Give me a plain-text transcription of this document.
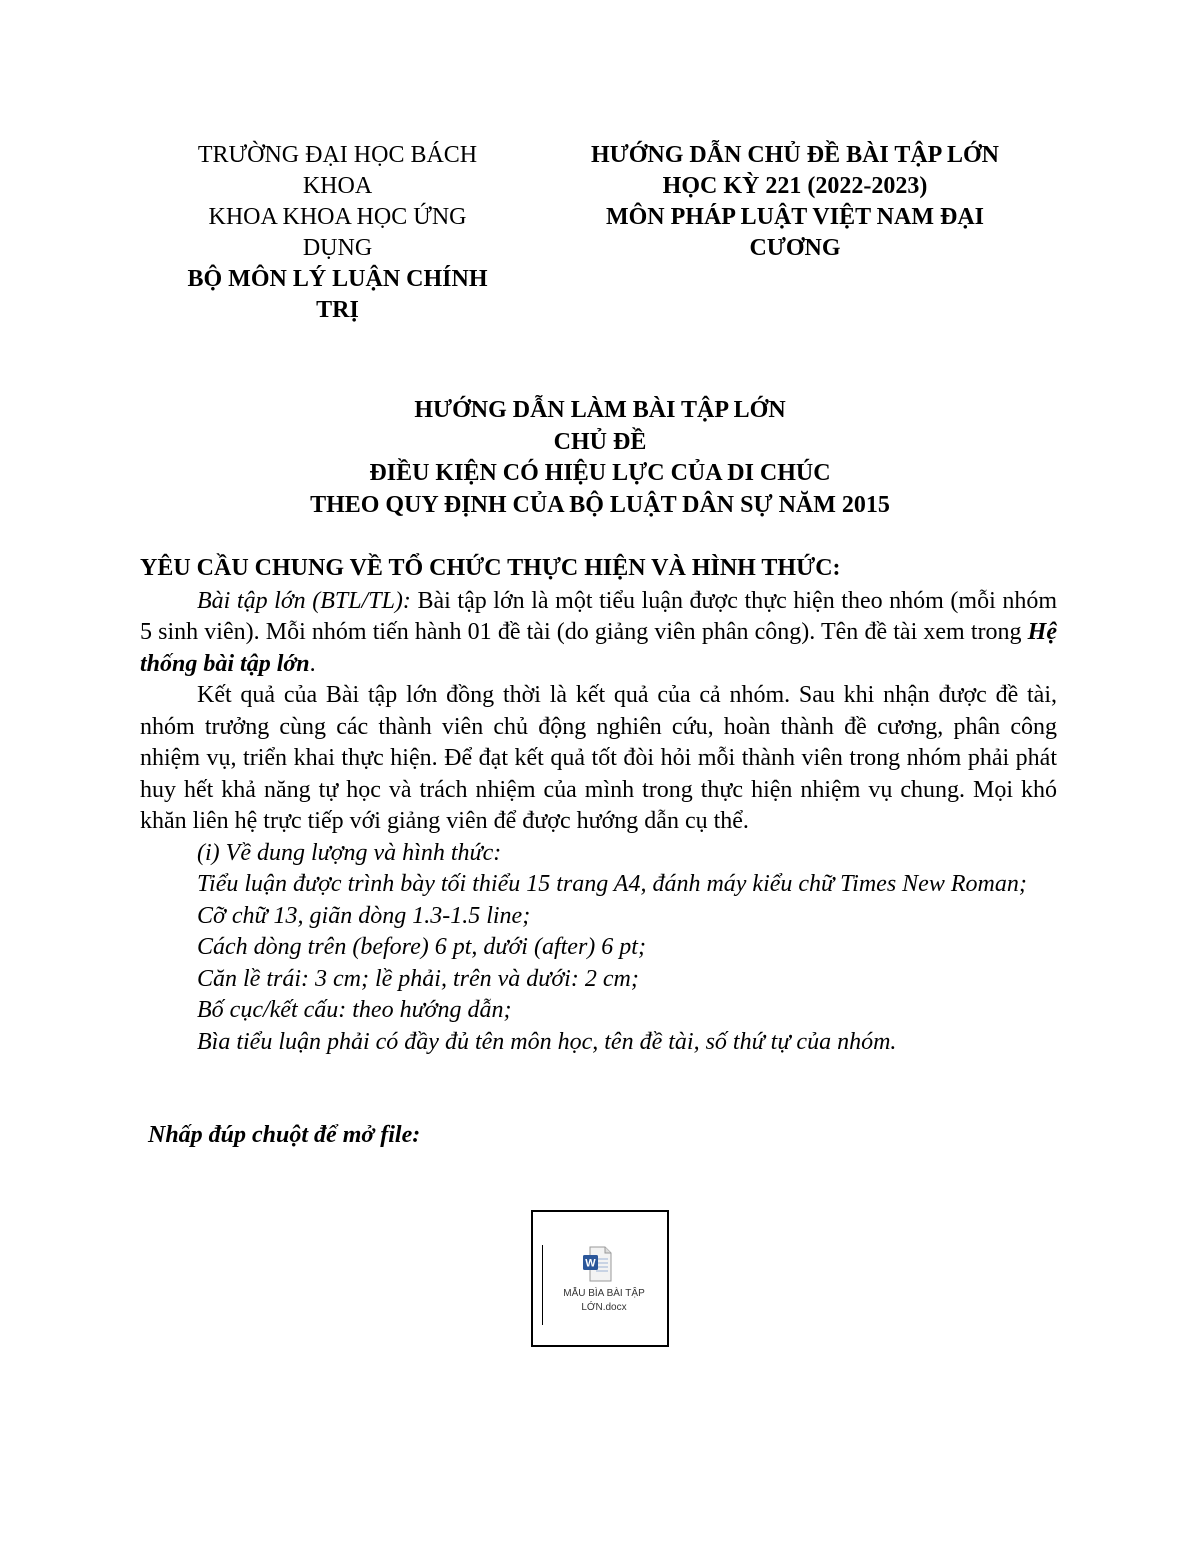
TRƯỜNG ĐẠI HỌC BÁCH
KHOA
KHOA KHOA HỌC ỨNG
DỤNG
BỘ MÔN LÝ LUẬN CHÍNH
TRỊ
HƯỚNG DẪN CHỦ ĐỀ BÀI TẬP LỚN
HỌC KỲ 221 (2022-2023)
MÔN PHÁP LUẬT VIỆT NAM ĐẠI
CƯƠNG
HƯỚNG DẪN LÀM BÀI TẬP LỚN
CHỦ ĐỀ
ĐIỀU KIỆN CÓ HIỆU LỰC CỦA DI CHÚC
THEO QUY ĐỊNH CỦA BỘ LUẬT DÂN SỰ NĂM 2015
YÊU CẦU CHUNG VỀ TỔ CHỨC THỰC HIỆN VÀ HÌNH THỨC:

Bài tập lớn (BTL/TL): Bài tập lớn là một tiểu luận được thực hiện theo nhóm (mỗi nhóm 5 sinh viên). Mỗi nhóm tiến hành 01 đề tài (do giảng viên phân công). Tên đề tài xem trong Hệ thống bài tập lớn.

Kết quả của Bài tập lớn đồng thời là kết quả của cả nhóm. Sau khi nhận được đề tài, nhóm trưởng cùng các thành viên chủ động nghiên cứu, hoàn thành đề cương, phân công nhiệm vụ, triển khai thực hiện. Để đạt kết quả tốt đòi hỏi mỗi thành viên trong nhóm phải phát huy hết khả năng tự học và trách nhiệm của mình trong thực hiện nhiệm vụ chung. Mọi khó khăn liên hệ trực tiếp với giảng viên để được hướng dẫn cụ thể.

(i) Về dung lượng và hình thức:

Tiểu luận được trình bày tối thiểu 15 trang A4, đánh máy kiểu chữ Times New Roman;

Cỡ chữ 13, giãn dòng 1.3-1.5 line;

Cách dòng trên (before) 6 pt, dưới (after) 6 pt;

Căn lề trái: 3 cm; lề phải, trên và dưới: 2 cm;

Bố cục/kết cấu: theo hướng dẫn;

Bìa tiểu luận phải có đầy đủ tên môn học, tên đề tài, số thứ tự của nhóm.

Nhấp đúp chuột để mở file:
W
MẪU BÌA BÀI TẬP
LỚN.docx
